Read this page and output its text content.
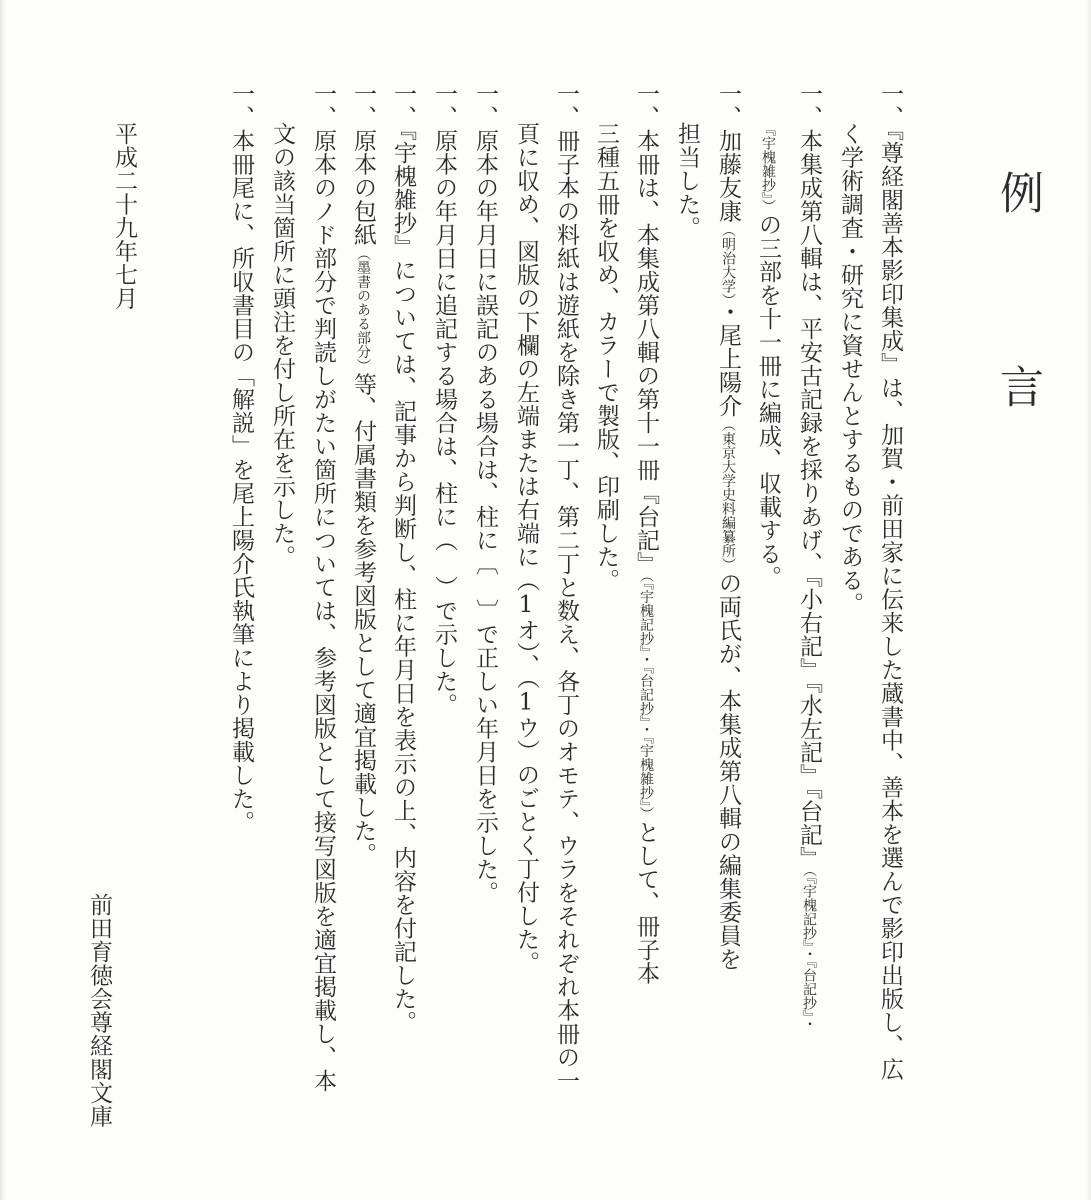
例言
一、『尊経閣善本影印集成』は、加賀・前田家に伝来した蔵書中、善本を選んで影印出版し、広
く学術調査・研究に資せんとするものである。
一、本集成第八輯は、平安古記録を採りあげ、『小右記』『水左記』『台記』（『宇槐記抄』・『台記抄』・
『宇槐雑抄』）の三部を十一冊に編成、収載する。
一、加藤友康（明治大学）・尾上陽介（東京大学史料編纂所）の両氏が、本集成第八輯の編集委員を
担当した。
一、本冊は、本集成第八輯の第十一冊『台記』（『宇槐記抄』・『台記抄』・『宇槐雑抄』）として、冊子本
三種五冊を収め、カラーで製版、印刷した。
一、冊子本の料紙は遊紙を除き第一丁、第二丁と数え、各丁のオモテ、ウラをそれぞれ本冊の一
頁に収め、図版の下欄の左端または右端に（1オ）、（1ウ）のごとく丁付した。
一、原本の年月日に誤記のある場合は、柱に〔　〕で正しい年月日を示した。
一、原本の年月日に追記する場合は、柱に（　）で示した。
一、『宇槐雑抄』については、記事から判断し、柱に年月日を表示の上、内容を付記した。
一、原本の包紙（墨書のある部分）等、付属書類を参考図版として適宜掲載した。
一、原本のノド部分で判読しがたい箇所については、参考図版として接写図版を適宜掲載し、本
文の該当箇所に頭注を付し所在を示した。
一、本冊尾に、所収書目の「解説」を尾上陽介氏執筆により掲載した。
平成二十九年七月
前田育徳会尊経閣文庫
